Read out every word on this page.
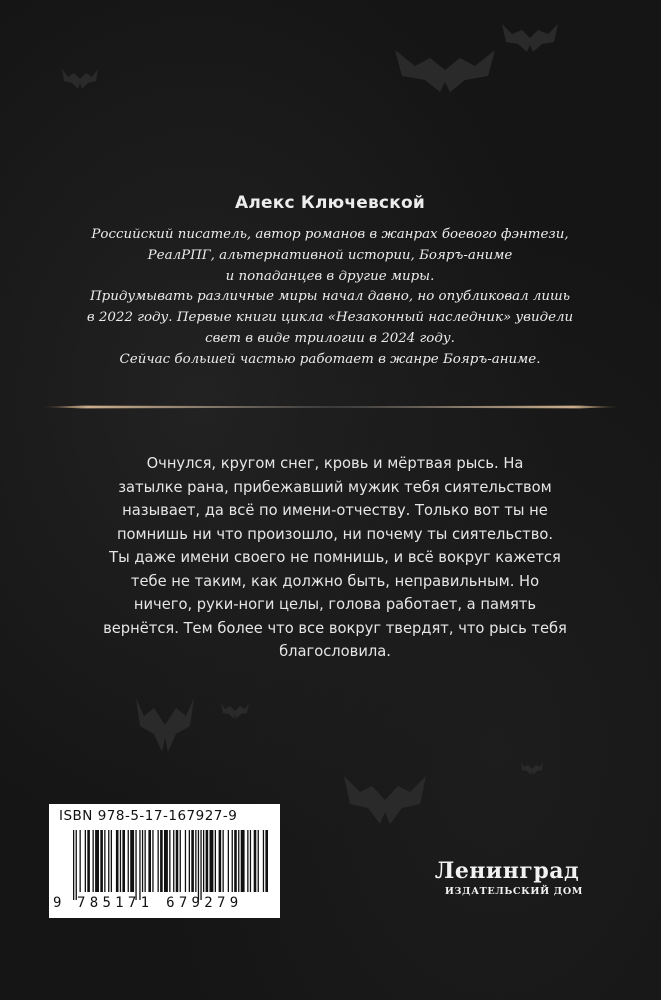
Алекс Ключевской
Российский писатель, автор романов в жанрах боевого фэнтези,
РеалРПГ, альтернативной истории, Бояръ-аниме
и попаданцев в другие миры.
Придумывать различные миры начал давно, но опубликовал лишь
в 2022 году. Первые книги цикла «Незаконный наследник» увидели
свет в виде трилогии в 2024 году.
Сейчас большей частью работает в жанре Бояръ-аниме.
Очнулся, кругом снег, кровь и мёртвая рысь. На
затылке рана, прибежавший мужик тебя сиятельством
называет, да всё по имени-отчеству. Только вот ты не
помнишь ни что произошло, ни почему ты сиятельство.
Ты даже имени своего не помнишь, и всё вокруг кажется
тебе не таким, как должно быть, неправильным. Но
ничего, руки-ноги целы, голова работает, а память
вернётся. Тем более что все вокруг твердят, что рысь тебя
благословила.
ISBN 978-5-17-167927-9
9 785171 679279
Ленинград
ИЗДАТЕЛЬСКИЙ ДОМ
